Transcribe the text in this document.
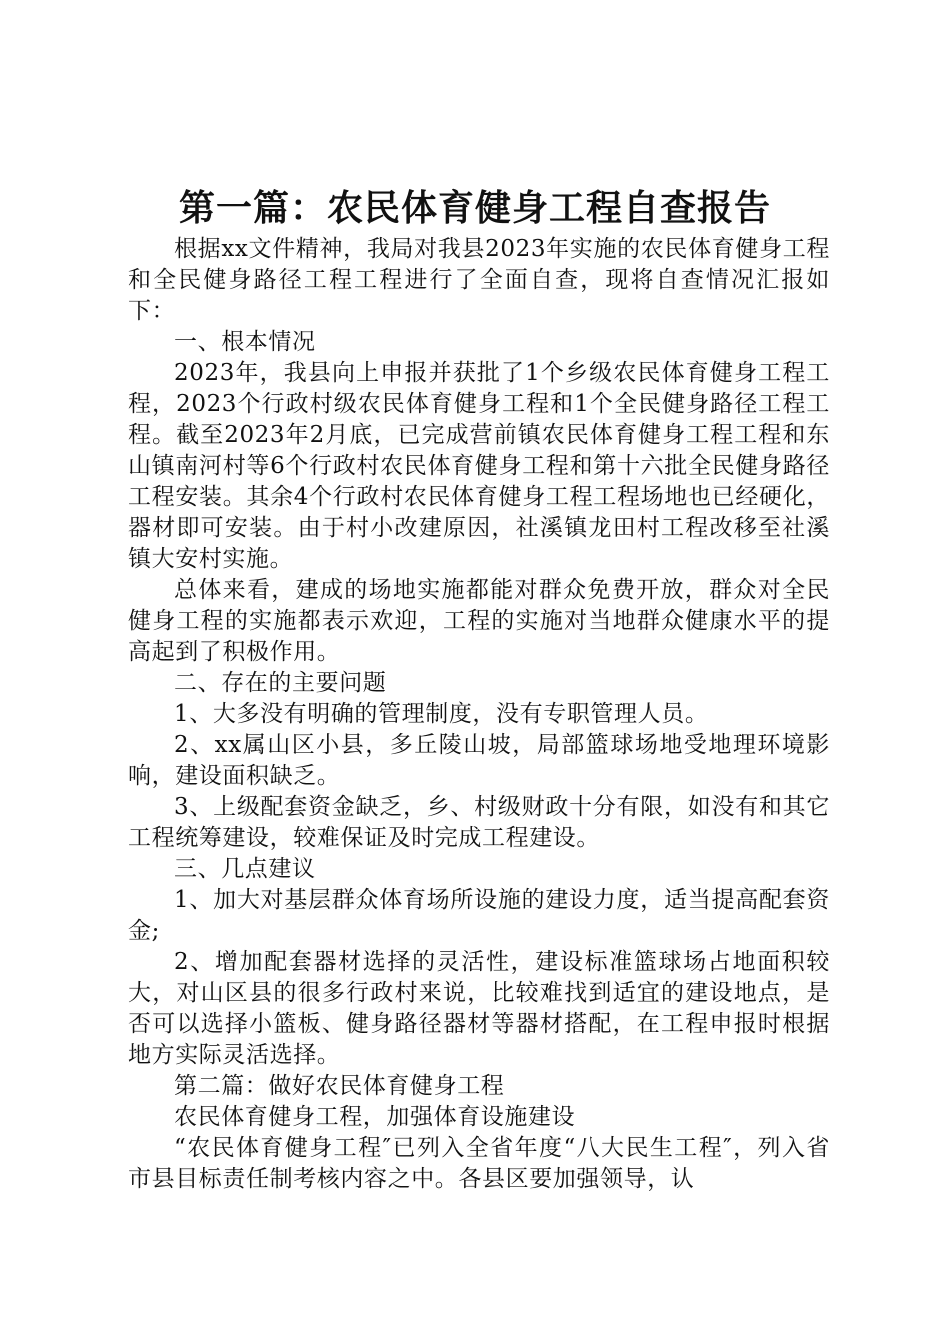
第一篇：农民体育健身工程自查报告

根据xx文件精神，我局对我县2023年实施的农民体育健身工程和全民健身路径工程工程进行了全面自查，现将自查情况汇报如下：

一、根本情况

2023年，我县向上申报并获批了1个乡级农民体育健身工程工程，2023个行政村级农民体育健身工程和1个全民健身路径工程工程。截至2023年2月底，已完成营前镇农民体育健身工程工程和东山镇南河村等6个行政村农民体育健身工程和第十六批全民健身路径工程安装。其余4个行政村农民体育健身工程工程场地也已经硬化，器材即可安装。由于村小改建原因，社溪镇龙田村工程改移至社溪镇大安村实施。

总体来看，建成的场地实施都能对群众免费开放，群众对全民健身工程的实施都表示欢迎，工程的实施对当地群众健康水平的提高起到了积极作用。

二、存在的主要问题

1、大多没有明确的管理制度，没有专职管理人员。

2、xx属山区小县，多丘陵山坡，局部篮球场地受地理环境影响，建设面积缺乏。

3、上级配套资金缺乏，乡、村级财政十分有限，如没有和其它工程统筹建设，较难保证及时完成工程建设。

三、几点建议

1、加大对基层群众体育场所设施的建设力度，适当提高配套资金;

2、增加配套器材选择的灵活性，建设标准篮球场占地面积较大，对山区县的很多行政村来说，比较难找到适宜的建设地点，是否可以选择小篮板、健身路径器材等器材搭配，在工程申报时根据地方实际灵活选择。

第二篇：做好农民体育健身工程

农民体育健身工程，加强体育设施建设

“农民体育健身工程″已列入全省年度“八大民生工程″，列入省市县目标责任制考核内容之中。各县区要加强领导，认
